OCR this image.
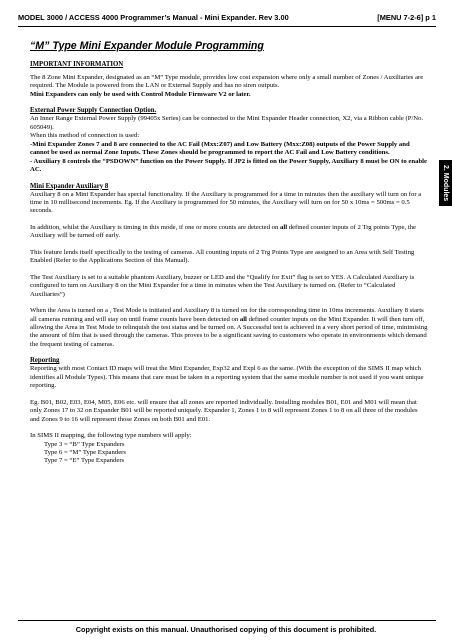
MODEL 3000 / ACCESS 4000 Programmer’s Manual - Mini Expander. Rev 3.00	[MENU 7-2-6] p 1
2. Modules
“M” Type Mini Expander Module Programming
IMPORTANT INFORMATION

The 8 Zone Mini Expander, designated as an “M” Type module, provides low cost expansion where only a small number of Zones / Auxiliaries are required. The Module is powered from the LAN or External Supply and has no siren outputs.

Mini Expanders can only be used with Control Module Firmware V2 or later.

External Power Supply Connection Option.

An Inner Range External Power Supply (99405x Series) can be connected to the Mini Expander Header connection, X2, via a Ribbon cable (P/No. 605049).

When this method of connection is used:

-Mini Expander Zones 7 and 8 are connected to the AC Fail (Mxx:Z07) and Low Battery (Mxx:Z08) outputs of the Power Supply and cannot be used as normal Zone Inputs. These Zones should be programmed to report the AC Fail and Low Battery conditions.

- Auxiliary 8 controls the “PSDOWN” function on the Power Supply. If JP2 is fitted on the Power Supply, Auxiliary 8 must be ON to enable AC.

Mini Expander Auxiliary 8

Auxiliary 8 on a Mini Expander has special functionality. If the Auxiliary is programmed for a time in minutes then the auxiliary will turn on for a time in 10 millisecond increments. Eg. If the Auxiliary is programmed for 50 minutes, the Auxiliary will turn on for 50 x 10ms = 500ms = 0.5 seconds.

In addition, whilst the Auxiliary is timing in this mode, if one or more counts are detected on all defined counter inputs of 2 Trg points Type, the Auxiliary will be turned off early.

This feature lends itself specifically to the testing of cameras. All counting inputs of 2 Trg Points Type are assigned to an Area with Self Testing Enabled (Refer to the Applications Section of this Manual).

The Test Auxiliary is set to a suitable phantom Auxiliary, buzzer or LED and the “Qualify for Exit” flag is set to YES. A Calculated Auxiliary is configured to turn on Auxiliary 8 on the Mini Expander for a time in minutes when the Test Auxiliary is turned on. (Refer to “Calculated Auxiliaries”)

When the Area is turned on a , Test Mode is initiated and Auxiliary 8 is turned on for the corresponding time in 10ms increments. Auxiliary 8 starts all cameras running and will stay on until frame counts have been detected on all defined counter inputs on the Mini Expander. It will then turn off, allowing the Area in Test Mode to relinquish the test status and be turned on. A Successful test is achieved in a very short period of time, minimising the amount of film that is used through the cameras. This proves to be a significant saving to customers who operate in environments which demand the frequent testing of cameras.

Reporting

Reporting with most Contact ID maps will treat the Mini Expander, Exp32 and Expl 6 as the same. (With the exception of the SIMS II map which identifies all Module Types). This means that care must be taken in a reporting system that the same module number is not used if you want unique reporting.

Eg. B01, B02, E03, E04, M05, E06 etc. will ensure that all zones are reported individually. Installing modules B01, E01 and M01 will mean that only Zones 17 to 32 on Expander B01 will be reported uniquely. Expander 1, Zones 1 to 8 will represent Zones 1 to 8 on all three of the modules and Zones 9 to 16 will represent those Zones on both B01 and E01.

In SIMS II mapping, the following type numbers will apply:

Type 3 = “B” Type Expanders

Type 6 = “M” Type Expanders

Type 7 = “E” Type Expanders

Copyright exists on this manual. Unauthorised copying of this document is prohibited.
